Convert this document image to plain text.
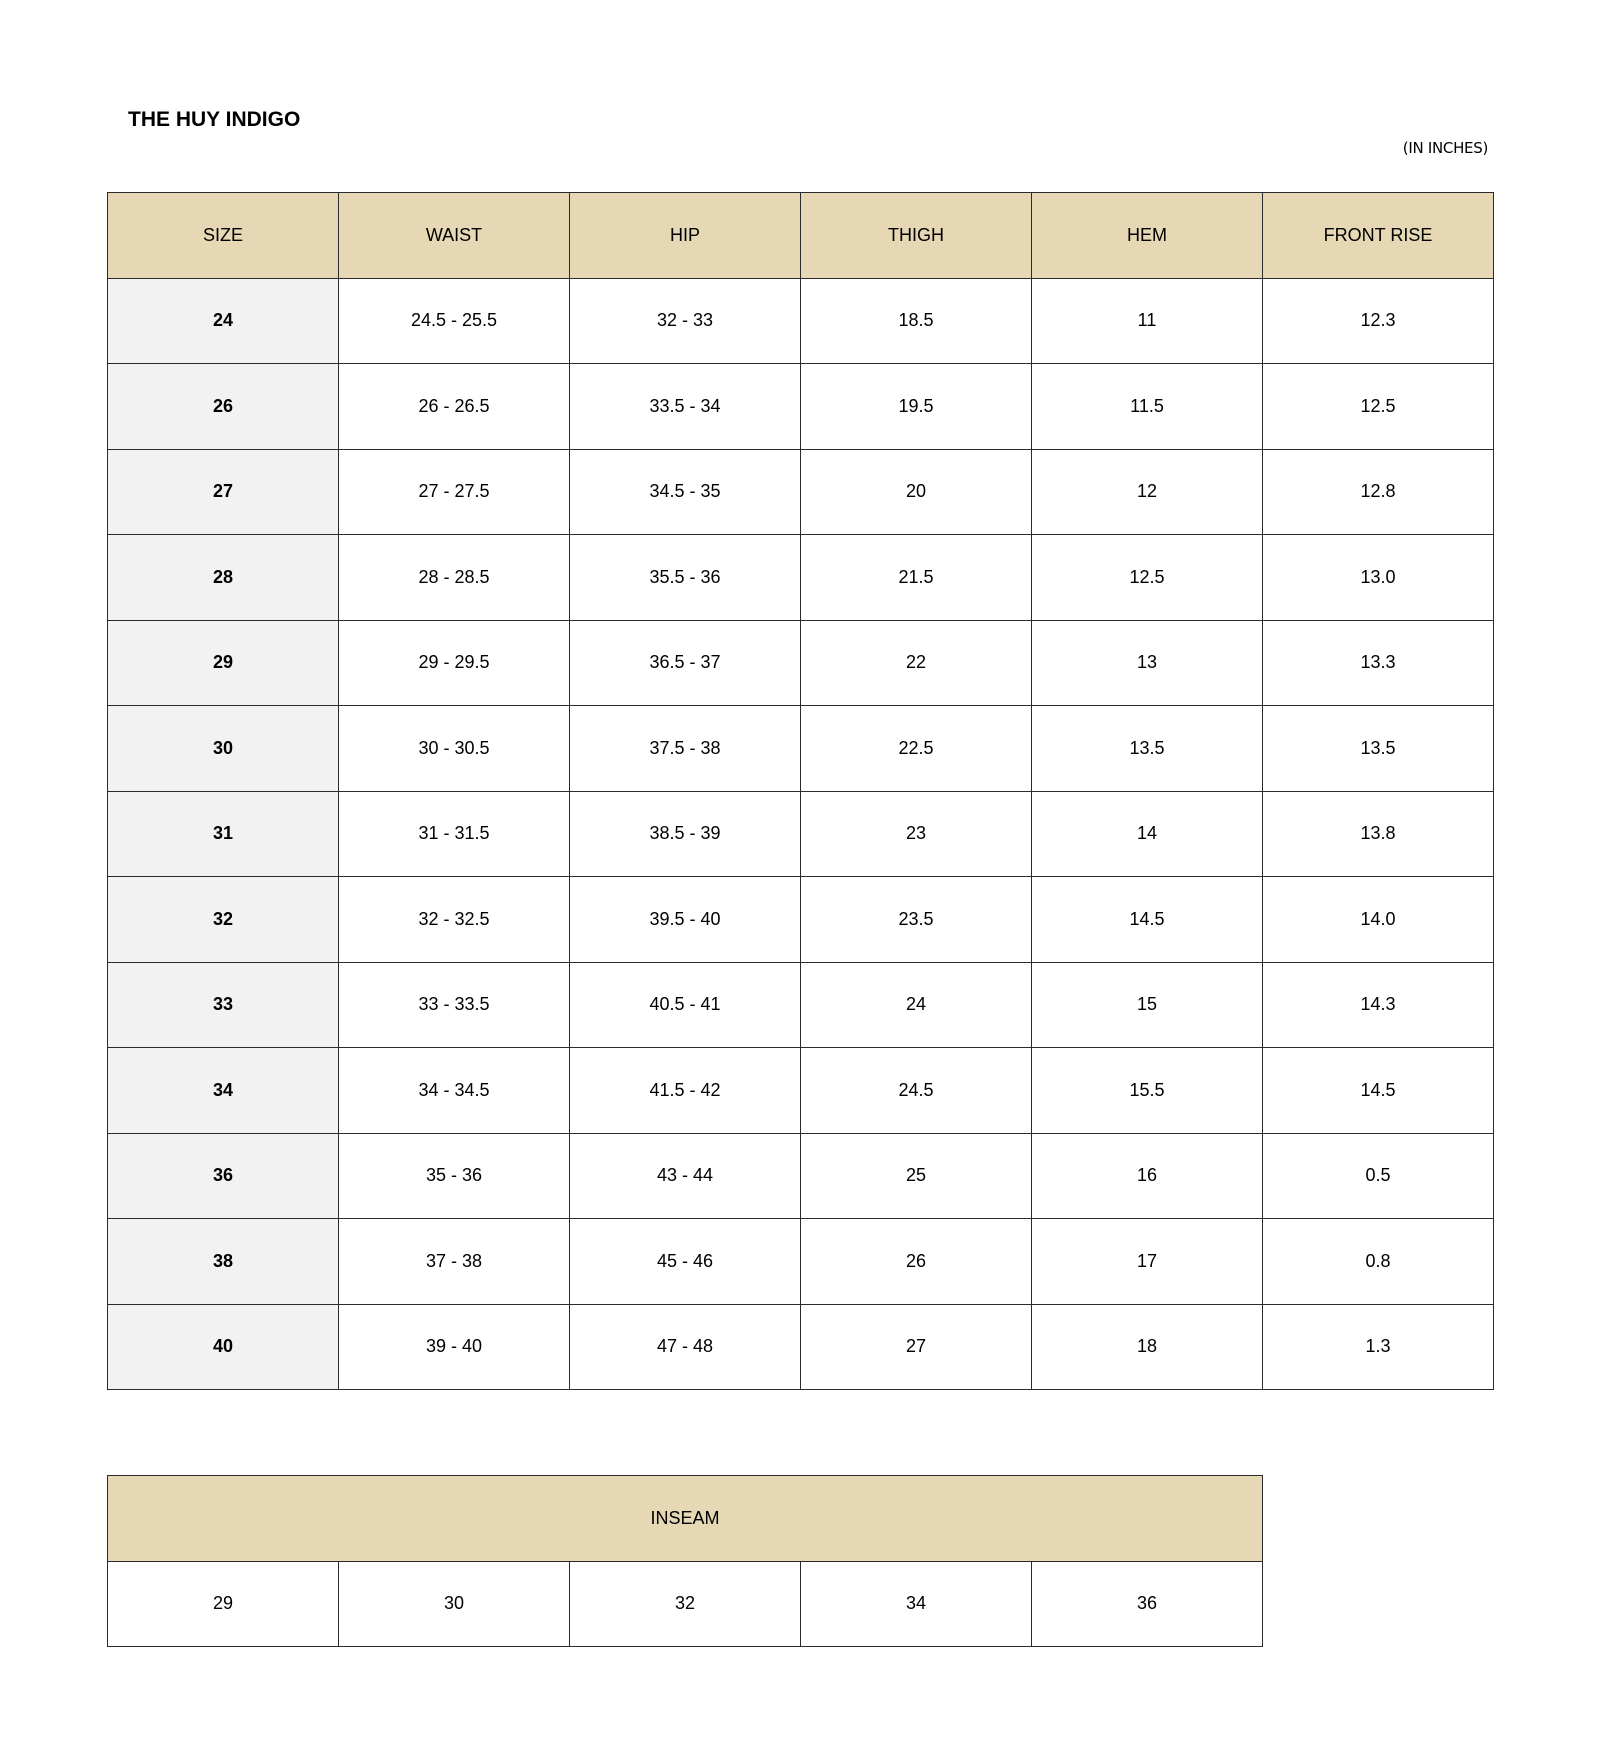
THE HUY INDIGO
(IN INCHES)
SIZE	WAIST	HIP	THIGH	HEM	FRONT RISE
24	24.5 - 25.5	32 - 33	18.5	11	12.3
26	26 - 26.5	33.5 - 34	19.5	11.5	12.5
27	27 - 27.5	34.5 - 35	20	12	12.8
28	28 - 28.5	35.5 - 36	21.5	12.5	13.0
29	29 - 29.5	36.5 - 37	22	13	13.3
30	30 - 30.5	37.5 - 38	22.5	13.5	13.5
31	31 - 31.5	38.5 - 39	23	14	13.8
32	32 - 32.5	39.5 - 40	23.5	14.5	14.0
33	33 - 33.5	40.5 - 41	24	15	14.3
34	34 - 34.5	41.5 - 42	24.5	15.5	14.5
36	35 - 36	43 - 44	25	16	0.5
38	37 - 38	45 - 46	26	17	0.8
40	39 - 40	47 - 48	27	18	1.3
INSEAM
29	30	32	34	36
